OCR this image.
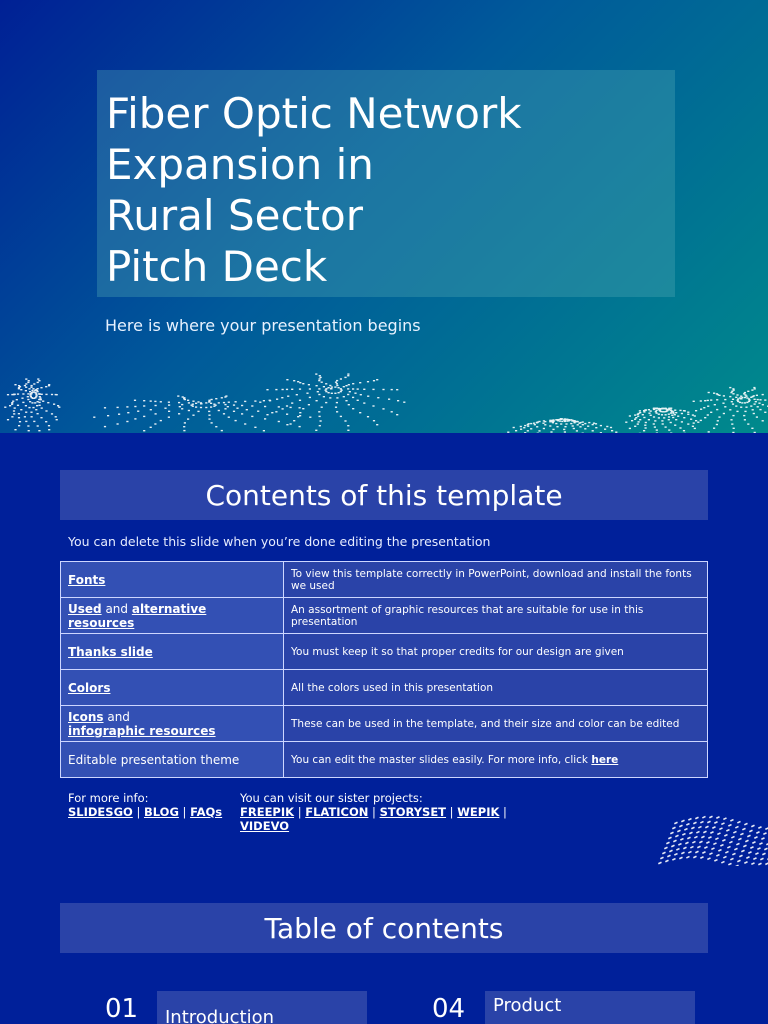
Fiber Optic Network
Expansion in
Rural Sector
Pitch Deck
Here is where your presentation begins
Contents of this template
You can delete this slide when you’re done editing the presentation
Fonts	To view this template correctly in PowerPoint, download and install the fonts we used
Used and alternative resources	An assortment of graphic resources that are suitable for use in this presentation
Thanks slide	You must keep it so that proper credits for our design are given
Colors	All the colors used in this presentation
Icons and
infographic resources	These can be used in the template, and their size and color can be edited
Editable presentation theme	You can edit the master slides easily. For more info, click here
For more info:
SLIDESGO | BLOG | FAQs
You can visit our sister projects:
FREEPIK | FLATICON | STORYSET | WEPIK |
VIDEVO
Table of contents
01	Introduction	04	Product
